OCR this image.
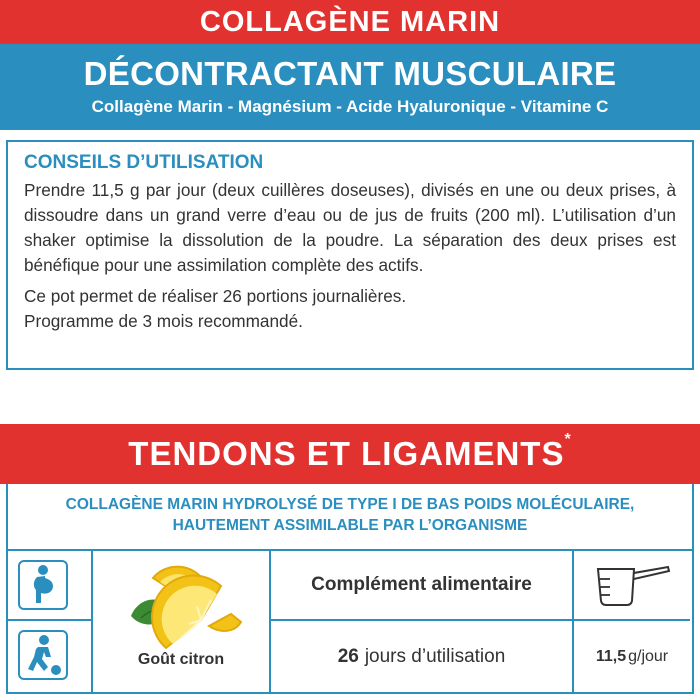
COLLAGÈNE MARIN
DÉCONTRACTANT MUSCULAIRE
Collagène Marin - Magnésium - Acide Hyaluronique - Vitamine C
CONSEILS D’UTILISATION

Prendre 11,5 g par jour (deux cuillères doseuses), divisés en une ou deux prises, à dissoudre dans un grand verre d’eau ou de jus de fruits (200 ml). L’utilisation d’un shaker optimise la dissolution de la poudre. La séparation des deux prises est bénéfique pour une assimilation complète des actifs.

Ce pot permet de réaliser 26 portions journalières.

Programme de 3 mois recommandé.

TENDONS ET LIGAMENTS*
COLLAGÈNE MARIN HYDROLYSÉ DE TYPE I DE BAS POIDS MOLÉCULAIRE,
HAUTEMENT ASSIMILABLE PAR L’ORGANISME
Goût citron
Complément alimentaire
26 jours d’utilisation	11,5 g/jour
